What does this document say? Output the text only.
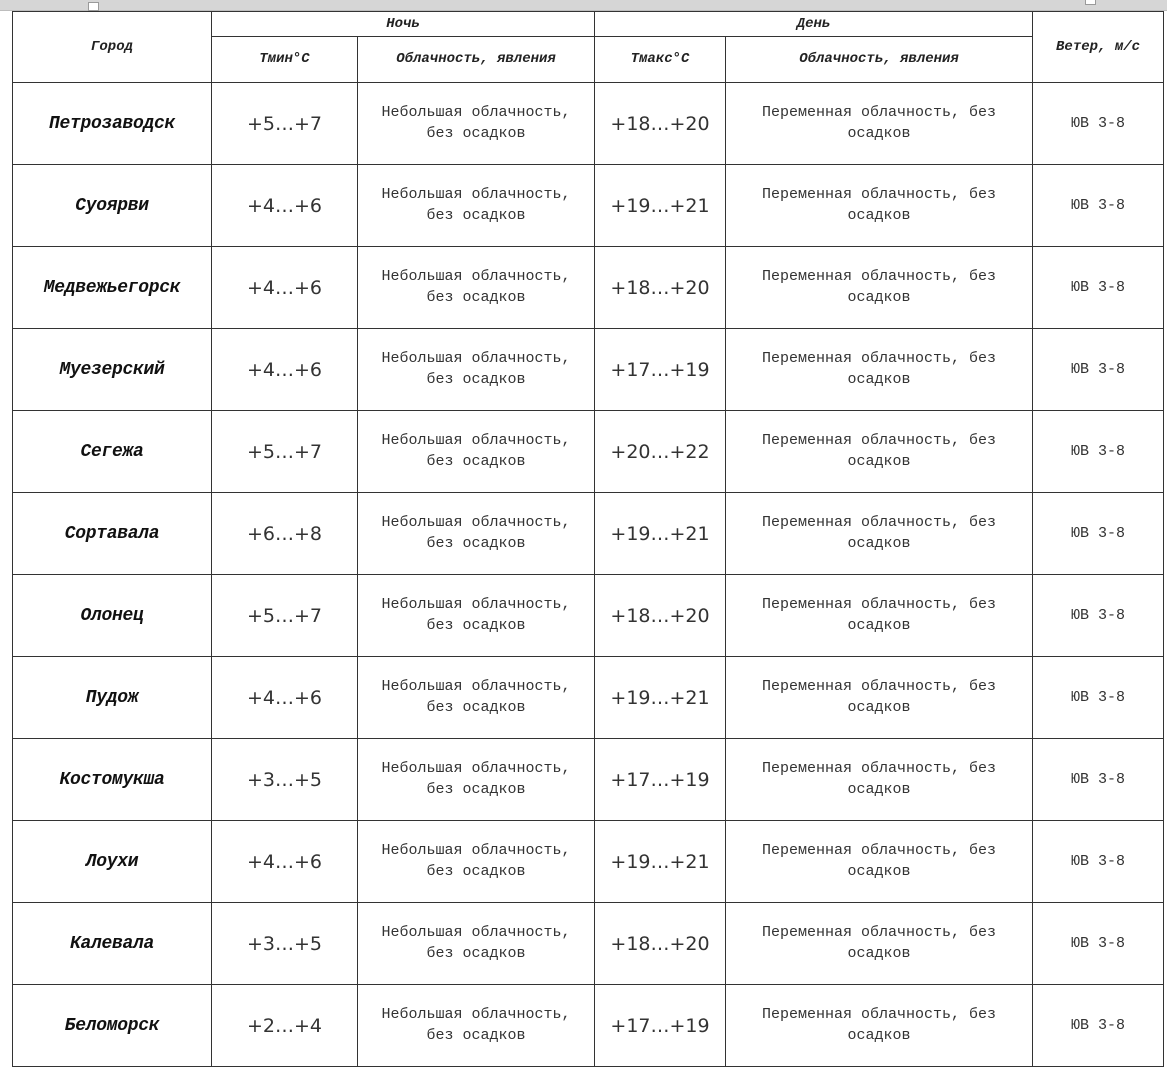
Город	Ночь		День		Ветер, м/с
	Тмин°С	Облачность, явления	Тмакс°С	Облачность, явления	
Петрозаводск	+5…+7	Небольшая облачность, без осадков	+18…+20	Переменная облачность, без осадков	ЮВ 3-8
Суоярви	+4…+6	Небольшая облачность, без осадков	+19…+21	Переменная облачность, без осадков	ЮВ 3-8
Медвежьегорск	+4…+6	Небольшая облачность, без осадков	+18…+20	Переменная облачность, без осадков	ЮВ 3-8
Муезерский	+4…+6	Небольшая облачность, без осадков	+17…+19	Переменная облачность, без осадков	ЮВ 3-8
Сегежа	+5…+7	Небольшая облачность, без осадков	+20…+22	Переменная облачность, без осадков	ЮВ 3-8
Сортавала	+6…+8	Небольшая облачность, без осадков	+19…+21	Переменная облачность, без осадков	ЮВ 3-8
Олонец	+5…+7	Небольшая облачность, без осадков	+18…+20	Переменная облачность, без осадков	ЮВ 3-8
Пудож	+4…+6	Небольшая облачность, без осадков	+19…+21	Переменная облачность, без осадков	ЮВ 3-8
Костомукша	+3…+5	Небольшая облачность, без осадков	+17…+19	Переменная облачность, без осадков	ЮВ 3-8
Лоухи	+4…+6	Небольшая облачность, без осадков	+19…+21	Переменная облачность, без осадков	ЮВ 3-8
Калевала	+3…+5	Небольшая облачность, без осадков	+18…+20	Переменная облачность, без осадков	ЮВ 3-8
Беломорск	+2…+4	Небольшая облачность, без осадков	+17…+19	Переменная облачность, без осадков	ЮВ 3-8
